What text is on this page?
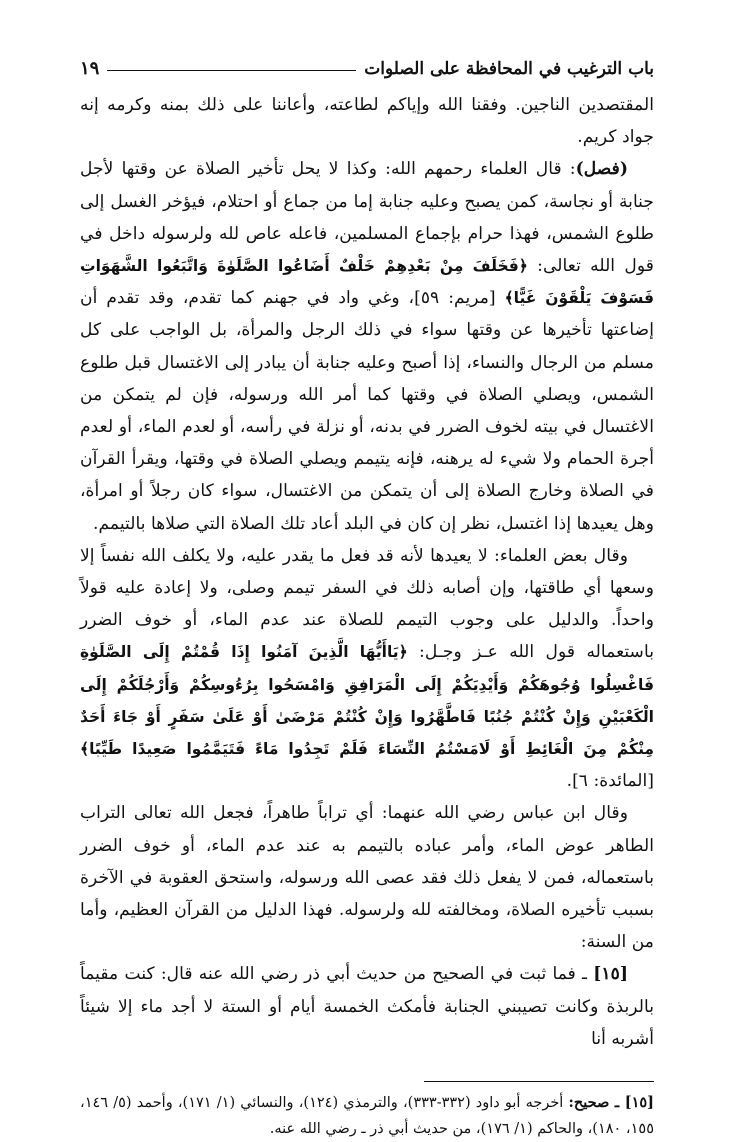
باب الترغيب في المحافظة على الصلوات
١٩

المقتصدين الناجين. وفقنا الله وإياكم لطاعته، وأعاننا على ذلك بمنه وكرمه إنه جواد كريم.

(فصل): قال العلماء رحمهم الله: وكذا لا يحل تأخير الصلاة عن وقتها لأجل جنابة أو نجاسة، كمن يصبح وعليه جنابة إما من جماع أو احتلام، فيؤخر الغسل إلى طلوع الشمس، فهذا حرام بإجماع المسلمين، فاعله عاص لله ولرسوله داخل في قول الله تعالى: ﴿فَخَلَفَ مِنْ بَعْدِهِمْ خَلْفٌ أَضَاعُوا الصَّلَوٰةَ وَاتَّبَعُوا الشَّهَوَاتِ فَسَوْفَ يَلْقَوْنَ غَيًّا﴾ [مريم: ٥٩]، وغي واد في جهنم كما تقدم، وقد تقدم أن إضاعتها تأخيرها عن وقتها سواء في ذلك الرجل والمرأة، بل الواجب على كل مسلم من الرجال والنساء، إذا أصبح وعليه جنابة أن يبادر إلى الاغتسال قبل طلوع الشمس، ويصلي الصلاة في وقتها كما أمر الله ورسوله، فإن لم يتمكن من الاغتسال في بيته لخوف الضرر في بدنه، أو نزلة في رأسه، أو لعدم الماء، أو لعدم أجرة الحمام ولا شيء له يرهنه، فإنه يتيمم ويصلي الصلاة في وقتها، ويقرأ القرآن في الصلاة وخارج الصلاة إلى أن يتمكن من الاغتسال، سواء كان رجلاً أو امرأة، وهل يعيدها إذا اغتسل، نظر إن كان في البلد أعاد تلك الصلاة التي صلاها بالتيمم.

وقال بعض العلماء: لا يعيدها لأنه قد فعل ما يقدر عليه، ولا يكلف الله نفساً إلا وسعها أي طاقتها، وإن أصابه ذلك في السفر تيمم وصلى، ولا إعادة عليه قولاً واحداً. والدليل على وجوب التيمم للصلاة عند عدم الماء، أو خوف الضرر باستعماله قول الله عـز وجـل: ﴿يَاأَيُّهَا الَّذِينَ آمَنُوا إِذَا قُمْتُمْ إِلَى الصَّلَوٰةِ فَاغْسِلُوا وُجُوهَكُمْ وَأَيْدِيَكُمْ إِلَى الْمَرَافِقِ وَامْسَحُوا بِرُءُوسِكُمْ وَأَرْجُلَكُمْ إِلَى الْكَعْبَيْنِ وَإِنْ كُنْتُمْ جُنُبًا فَاطَّهَّرُوا وَإِنْ كُنْتُمْ مَرْضَىٰ أَوْ عَلَىٰ سَفَرٍ أَوْ جَاءَ أَحَدٌ مِنْكُمْ مِنَ الْغَائِطِ أَوْ لَامَسْتُمُ النِّسَاءَ فَلَمْ تَجِدُوا مَاءً فَتَيَمَّمُوا صَعِيدًا طَيِّبًا﴾ [المائدة: ٦].

وقال ابن عباس رضي الله عنهما: أي تراباً طاهراً، فجعل الله تعالى التراب الطاهر عوض الماء، وأمر عباده بالتيمم به عند عدم الماء، أو خوف الضرر باستعماله، فمن لا يفعل ذلك فقد عصى الله ورسوله، واستحق العقوبة في الآخرة بسبب تأخيره الصلاة، ومخالفته لله ولرسوله. فهذا الدليل من القرآن العظيم، وأما من السنة:

[١٥] ـ فما ثبت في الصحيح من حديث أبي ذر رضي الله عنه قال: كنت مقيماً بالربذة وكانت تصيبني الجنابة فأمكث الخمسة أيام أو الستة لا أجد ماء إلا شيئاً أشربه أنا

[١٥] ـ صحيح: أخرجه أبو داود (٣٣٢-٣٣٣)، والترمذي (١٢٤)، والنسائي (١/ ١٧١)، وأحمد (٥/ ١٤٦، ١٥٥، ١٨٠)، والحاكم (١/ ١٧٦)، من حديث أبي ذر ـ رضي الله عنه.
